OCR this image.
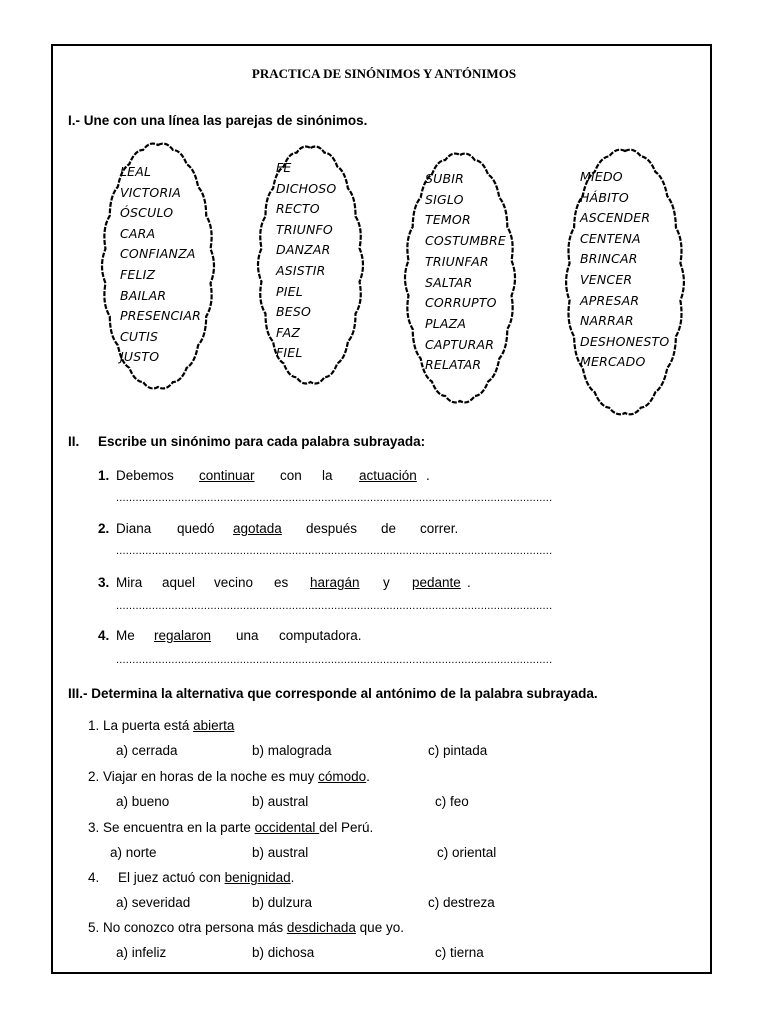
PRACTICA DE SINÓNIMOS Y ANTÓNIMOS
I.- Une con una línea las parejas de sinónimos.
LEAL
VICTORIA
ÓSCULO
CARA
CONFIANZA
FELIZ
BAILAR
PRESENCIAR
CUTIS
JUSTO
FE
DICHOSO
RECTO
TRIUNFO
DANZAR
ASISTIR
PIEL
BESO
FAZ
FIEL
SUBIR
SIGLO
TEMOR
COSTUMBRE
TRIUNFAR
SALTAR
CORRUPTO
PLAZA
CAPTURAR
RELATAR
MIEDO
HÁBITO
ASCENDER
CENTENA
BRINCAR
VENCER
APRESAR
NARRAR
DESHONESTO
MERCADO
II. Escribe un sinónimo para cada palabra subrayada:
1. Debemos continuar con la actuación .
......................................................................................................................................
2. Diana quedó agotada después de correr.
......................................................................................................................................
3. Mira aquel vecino es haragán y pedante .
......................................................................................................................................
4. Me regalaron una computadora.
......................................................................................................................................
III.- Determina la alternativa que corresponde al antónimo de la palabra subrayada.
1. La puerta está abierta
a) cerrada	b) malograda	c) pintada
2. Viajar en horas de la noche es muy cómodo.
a) bueno	b) austral	c) feo
3. Se encuentra en la parte occidental del Perú.
a) norte	b) austral	c) oriental
4.     El juez actuó con benignidad.
a) severidad	b) dulzura	c) destreza
5. No conozco otra persona más desdichada que yo.
a) infeliz	b) dichosa	c) tierna
